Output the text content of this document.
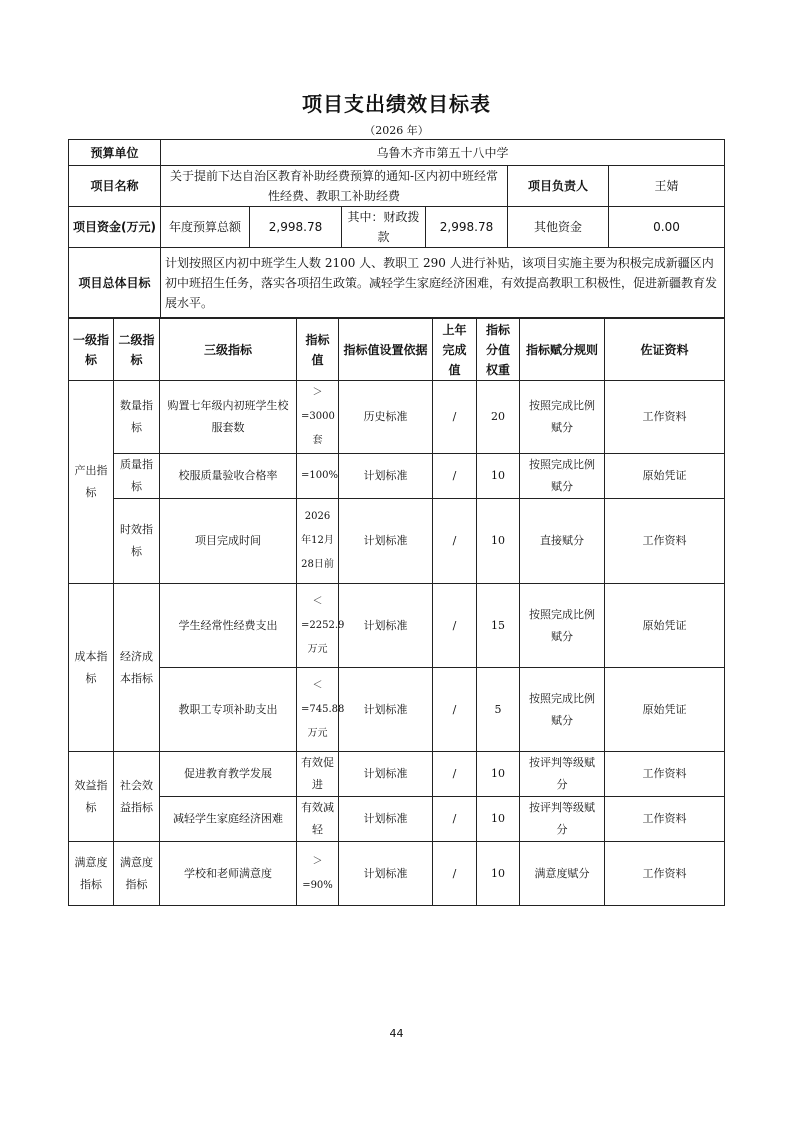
项目支出绩效目标表
（2026 年）
预算单位	乌鲁木齐市第五十八中学					
项目名称	关于提前下达自治区教育补助经费预算的通知-区内初中班经常性经费、教职工补助经费				项目负责人	王婧
项目资金(万元)	年度预算总额	2,998.78	其中：财政拨款	2,998.78	其他资金	0.00
项目总体目标	计划按照区内初中班学生人数 2100 人、教职工 290 人进行补贴，该项目实施主要为积极完成新疆区内初中班招生任务，落实各项招生政策。减轻学生家庭经济困难，有效提高教职工积极性，促进新疆教育发展水平。					
一级指标	二级指标	三级指标	指标值	指标值设置依据	上年完成值	指标分值权重	指标赋分规则	佐证资料
产出指标	数量指标	购置七年级内初班学生校服套数	＞=3000套	历史标准	/	20	按照完成比例赋分	工作资料
	质量指标	校服质量验收合格率	=100%	计划标准	/	10	按照完成比例赋分	原始凭证
	时效指标	项目完成时间	2026年12月28日前	计划标准	/	10	直接赋分	工作资料
成本指标	经济成本指标	学生经常性经费支出	＜=2252.9万元	计划标准	/	15	按照完成比例赋分	原始凭证
		教职工专项补助支出	＜=745.88万元	计划标准	/	5	按照完成比例赋分	原始凭证
效益指标	社会效益指标	促进教育教学发展	有效促进	计划标准	/	10	按评判等级赋分	工作资料
		减轻学生家庭经济困难	有效减轻	计划标准	/	10	按评判等级赋分	工作资料
满意度指标	满意度指标	学校和老师满意度	＞=90%	计划标准	/	10	满意度赋分	工作资料
44
